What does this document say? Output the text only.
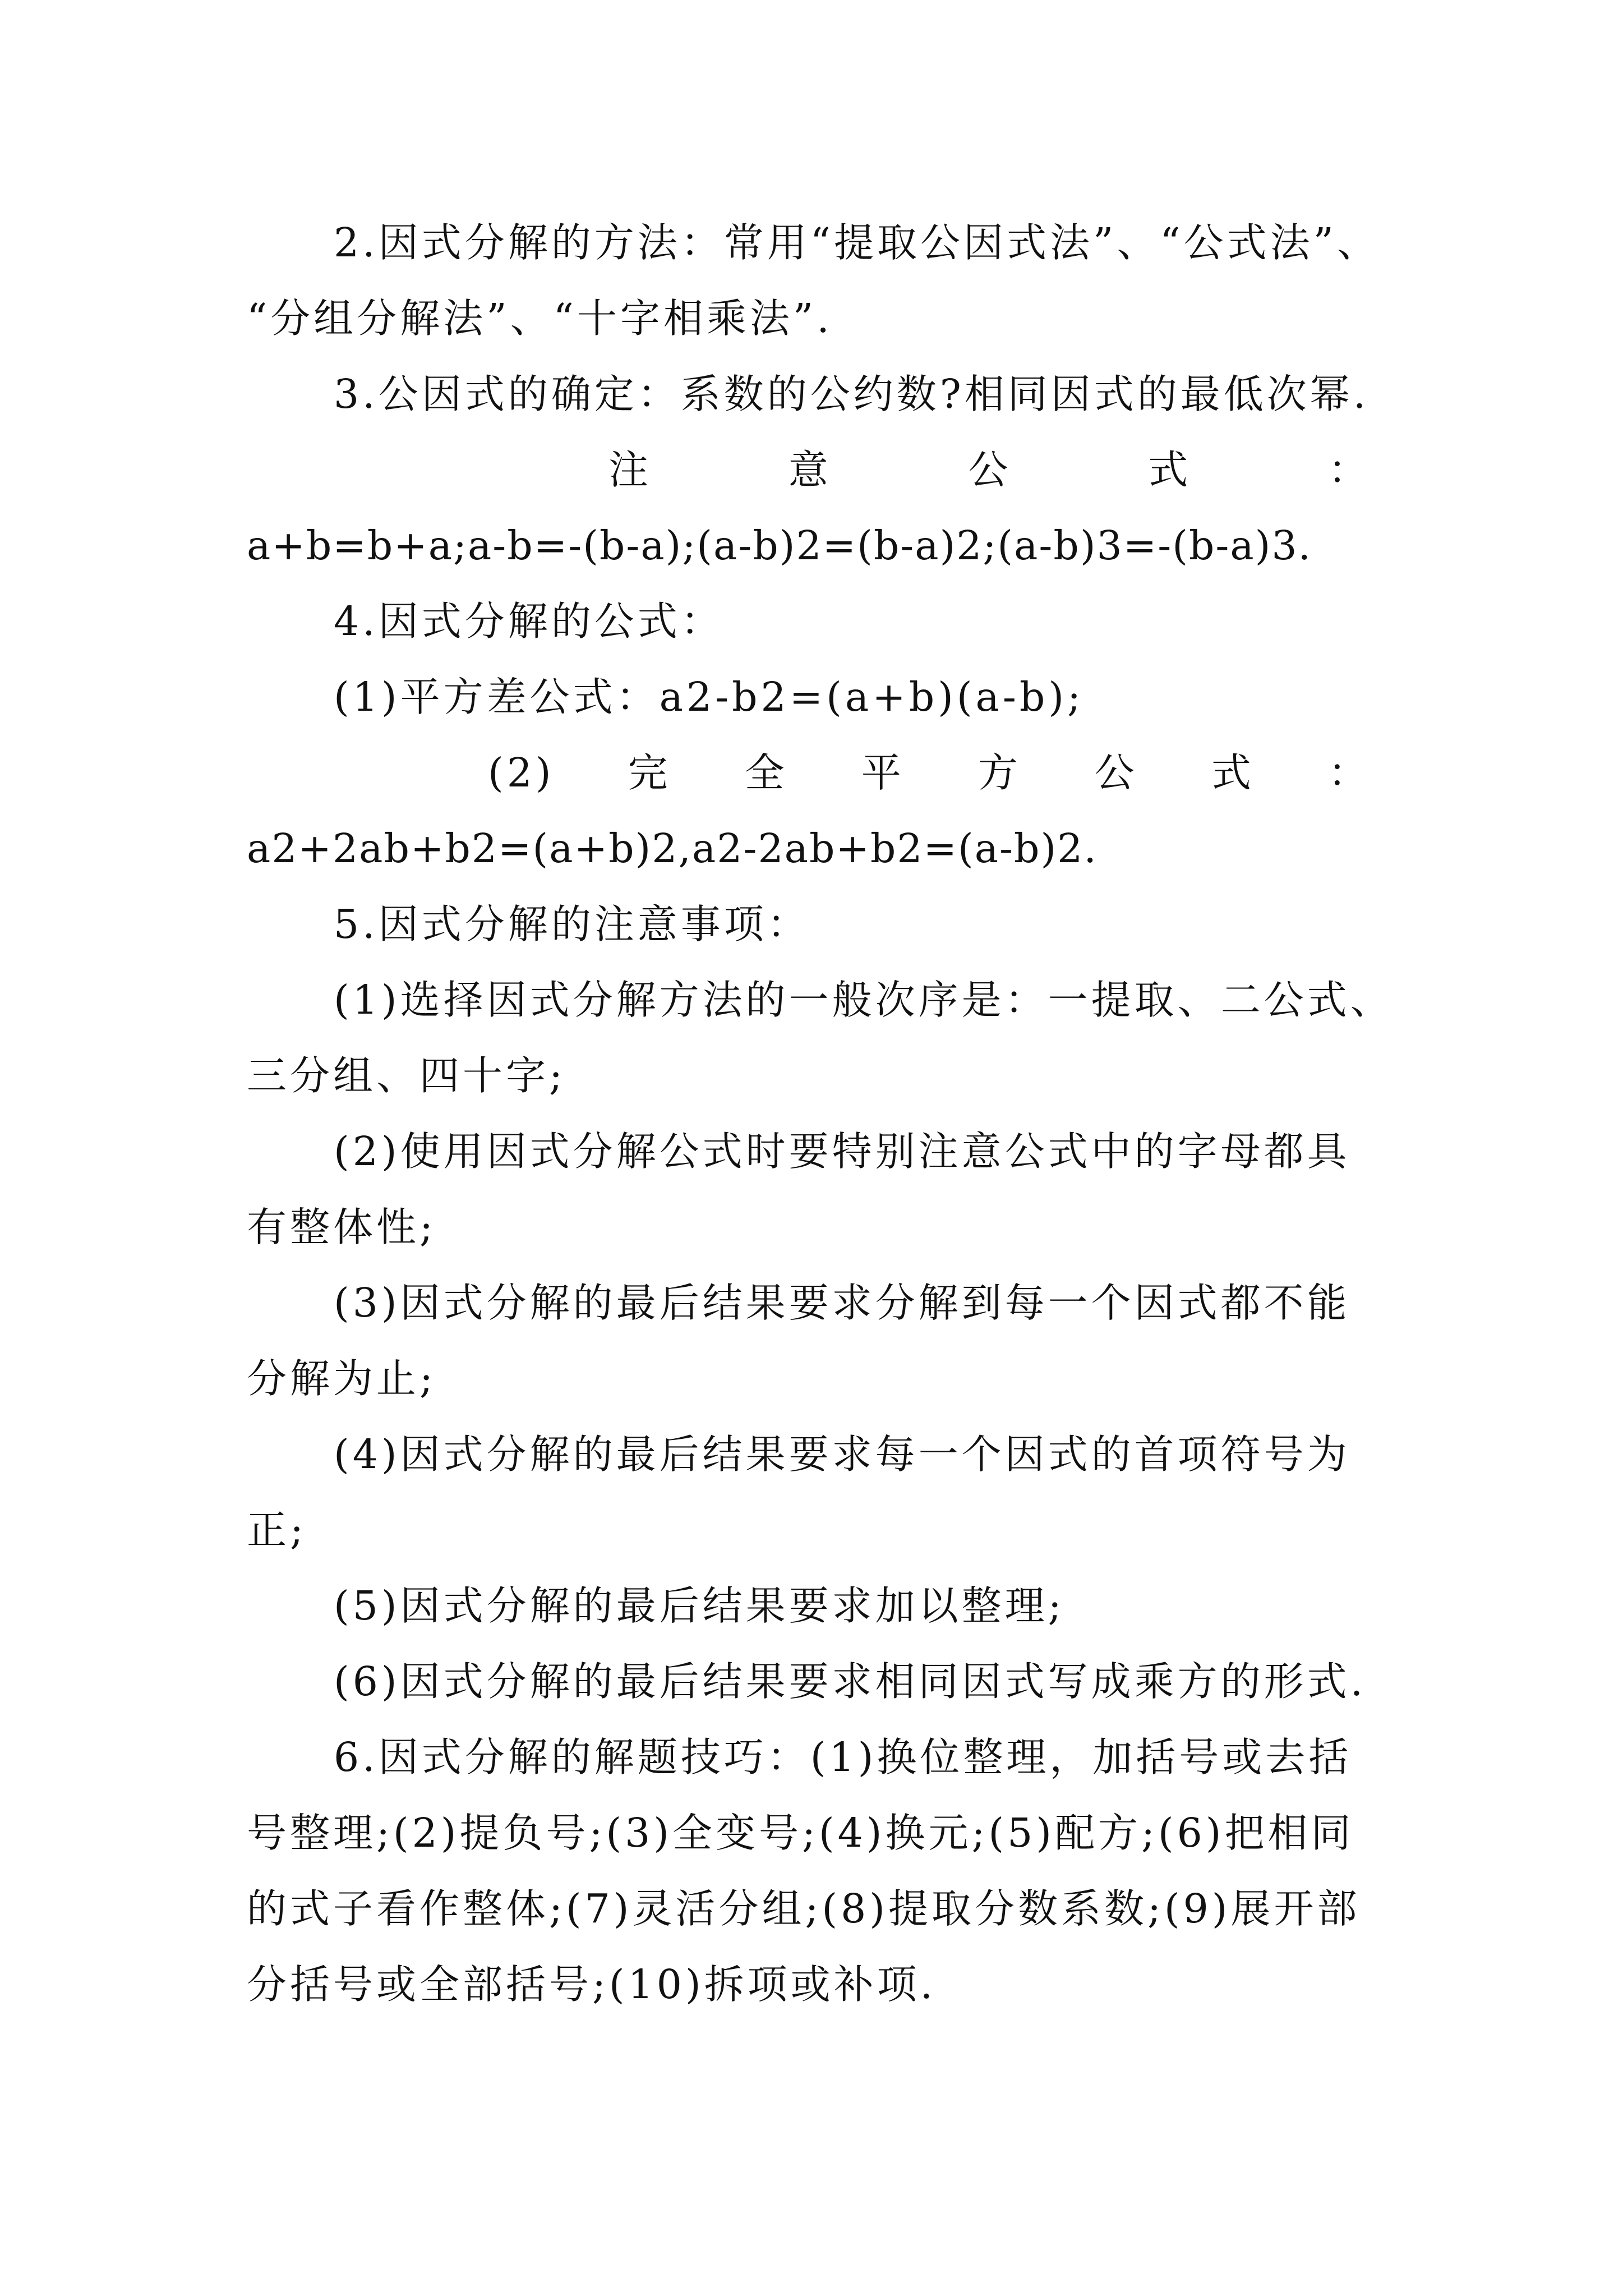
2.因式分解的方法：常用“提取公因式法”、“公式法”、
“分组分解法”、“十字相乘法”.
3.公因式的确定：系数的公约数?相同因式的最低次幂.
注	意	公	式	：
a+b=b+a;a-b=-(b-a);(a-b)2=(b-a)2;(a-b)3=-(b-a)3.
4.因式分解的公式：
(1)平方差公式：a2-b2=(a+b)(a-b);
(2) 完 全 平 方 公 式 ：
a2+2ab+b2=(a+b)2,a2-2ab+b2=(a-b)2.
5.因式分解的注意事项：
(1)选择因式分解方法的一般次序是：一提取、二公式、
三分组、四十字;
(2)使用因式分解公式时要特别注意公式中的字母都具
有整体性;
(3)因式分解的最后结果要求分解到每一个因式都不能
分解为止;
(4)因式分解的最后结果要求每一个因式的首项符号为
正;
(5)因式分解的最后结果要求加以整理;
(6)因式分解的最后结果要求相同因式写成乘方的形式.
6.因式分解的解题技巧：(1)换位整理，加括号或去括
号整理;(2)提负号;(3)全变号;(4)换元;(5)配方;(6)把相同
的式子看作整体;(7)灵活分组;(8)提取分数系数;(9)展开部
分括号或全部括号;(10)拆项或补项.
